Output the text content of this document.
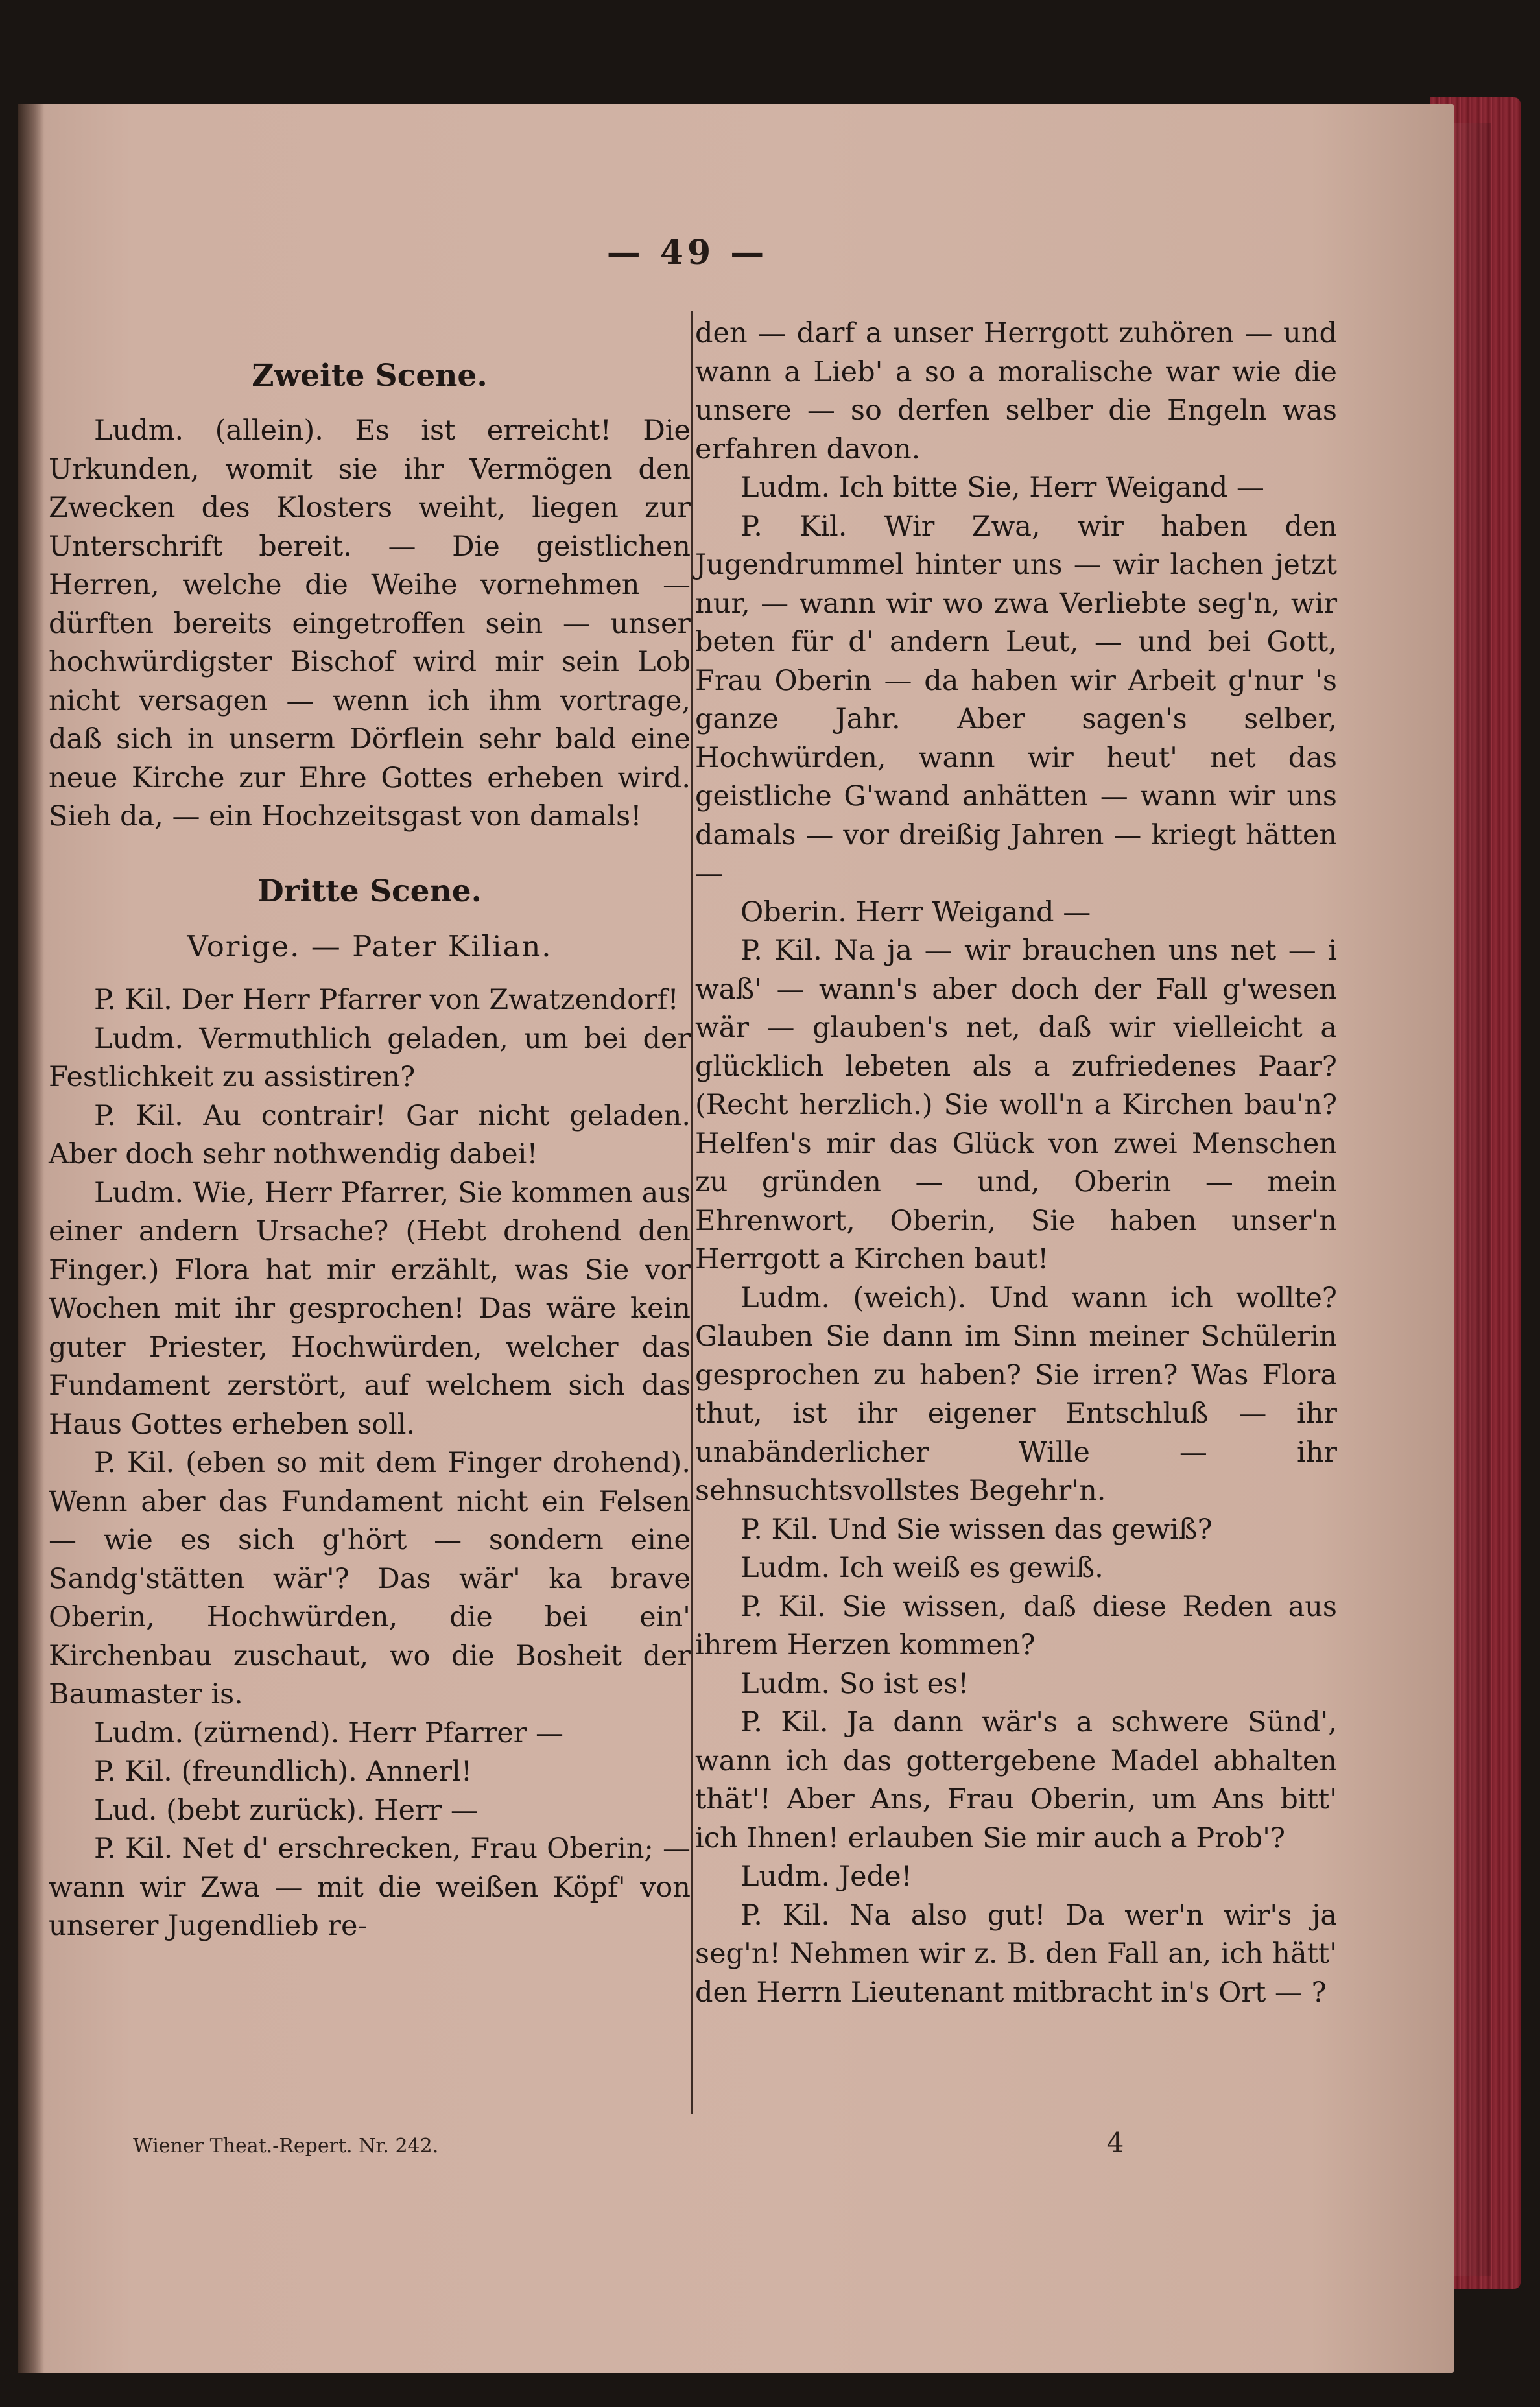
— 49 —

Zweite Scene.

Ludm. (allein). Es ist erreicht! Die Urkunden, womit sie ihr Vermögen den Zwecken des Klosters weiht, liegen zur Unterschrift bereit. — Die geistlichen Herren, welche die Weihe vornehmen — dürften bereits eingetroffen sein — unser hochwürdigster Bischof wird mir sein Lob nicht versagen — wenn ich ihm vortrage, daß sich in unserm Dörflein sehr bald eine neue Kirche zur Ehre Gottes erheben wird. Sieh da, — ein Hochzeitsgast von damals!

Dritte Scene.

Vorige. — Pater Kilian.

P. Kil. Der Herr Pfarrer von Zwatzendorf!

Ludm. Vermuthlich geladen, um bei der Festlichkeit zu assistiren?

P. Kil. Au contrair! Gar nicht geladen. Aber doch sehr nothwendig dabei!

Ludm. Wie, Herr Pfarrer, Sie kommen aus einer andern Ursache? (Hebt drohend den Finger.) Flora hat mir erzählt, was Sie vor Wochen mit ihr gesprochen! Das wäre kein guter Priester, Hochwürden, welcher das Fundament zerstört, auf welchem sich das Haus Gottes erheben soll.

P. Kil. (eben so mit dem Finger drohend). Wenn aber das Fundament nicht ein Felsen — wie es sich g'hört — sondern eine Sandg'stätten wär'? Das wär' ka brave Oberin, Hochwürden, die bei ein' Kirchenbau zuschaut, wo die Bosheit der Baumaster is.

Ludm. (zürnend). Herr Pfarrer —

P. Kil. (freundlich). Annerl!

Lud. (bebt zurück). Herr —

P. Kil. Net d' erschrecken, Frau Oberin; — wann wir Zwa — mit die weißen Köpf' von unserer Jugendlieb re-

den — darf a unser Herrgott zuhören — und wann a Lieb' a so a moralische war wie die unsere — so derfen selber die Engeln was erfahren davon.

Ludm. Ich bitte Sie, Herr Weigand —

P. Kil. Wir Zwa, wir haben den Jugendrummel hinter uns — wir lachen jetzt nur, — wann wir wo zwa Verliebte seg'n, wir beten für d' andern Leut, — und bei Gott, Frau Oberin — da haben wir Arbeit g'nur 's ganze Jahr. Aber sagen's selber, Hochwürden, wann wir heut' net das geistliche G'wand anhätten — wann wir uns damals — vor dreißig Jahren — kriegt hätten —

Oberin. Herr Weigand —

P. Kil. Na ja — wir brauchen uns net — i waß' — wann's aber doch der Fall g'wesen wär — glauben's net, daß wir vielleicht a glücklich lebeten als a zufriedenes Paar? (Recht herzlich.) Sie woll'n a Kirchen bau'n? Helfen's mir das Glück von zwei Menschen zu gründen — und, Oberin — mein Ehrenwort, Oberin, Sie haben unser'n Herrgott a Kirchen baut!

Ludm. (weich). Und wann ich wollte? Glauben Sie dann im Sinn meiner Schülerin gesprochen zu haben? Sie irren? Was Flora thut, ist ihr eigener Entschluß — ihr unabänderlicher Wille — ihr sehnsuchtsvollstes Begehr'n.

P. Kil. Und Sie wissen das gewiß?

Ludm. Ich weiß es gewiß.

P. Kil. Sie wissen, daß diese Reden aus ihrem Herzen kommen?

Ludm. So ist es!

P. Kil. Ja dann wär's a schwere Sünd', wann ich das gottergebene Madel abhalten thät'! Aber Ans, Frau Oberin, um Ans bitt' ich Ihnen! erlauben Sie mir auch a Prob'?

Ludm. Jede!

P. Kil. Na also gut! Da wer'n wir's ja seg'n! Nehmen wir z. B. den Fall an, ich hätt' den Herrn Lieutenant mitbracht in's Ort — ?

Wiener Theat.-Repert. Nr. 242.	4
